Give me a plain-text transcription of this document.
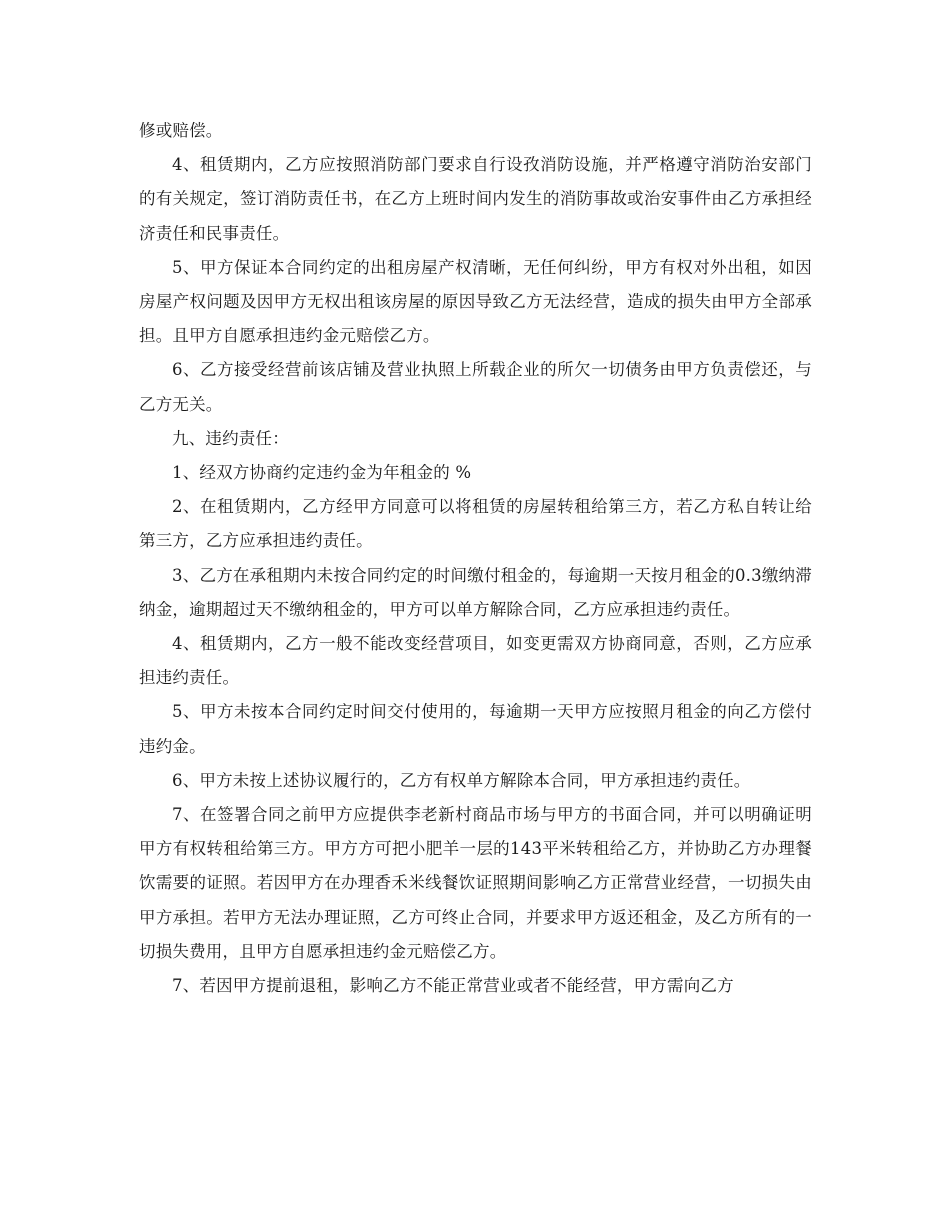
修或赔偿。

4、租赁期内，乙方应按照消防部门要求自行设孜消防设施，并严格遵守消防治安部门的有关规定，签订消防责任书，在乙方上班时间内发生的消防事故或治安事件由乙方承担经济责任和民事责任。

5、甲方保证本合同约定的出租房屋产权清晰，无任何纠纷，甲方有权对外出租，如因房屋产权问题及因甲方无权出租该房屋的原因导致乙方无法经营，造成的损失由甲方全部承担。且甲方自愿承担违约金元赔偿乙方。

6、乙方接受经营前该店铺及营业执照上所载企业的所欠一切债务由甲方负责偿还，与乙方无关。

九、违约责任：

1、经双方协商约定违约金为年租金的 %

2、在租赁期内，乙方经甲方同意可以将租赁的房屋转租给第三方，若乙方私自转让给第三方，乙方应承担违约责任。

3、乙方在承租期内未按合同约定的时间缴付租金的，每逾期一天按月租金的0.3缴纳滞纳金，逾期超过天不缴纳租金的，甲方可以单方解除合同，乙方应承担违约责任。

4、租赁期内，乙方一般不能改变经营项目，如变更需双方协商同意，否则，乙方应承担违约责任。

5、甲方未按本合同约定时间交付使用的，每逾期一天甲方应按照月租金的向乙方偿付违约金。

6、甲方未按上述协议履行的，乙方有权单方解除本合同，甲方承担违约责任。

7、在签署合同之前甲方应提供李老新村商品市场与甲方的书面合同，并可以明确证明甲方有权转租给第三方。甲方方可把小肥羊一层的143平米转租给乙方，并协助乙方办理餐饮需要的证照。若因甲方在办理香禾米线餐饮证照期间影响乙方正常营业经营，一切损失由甲方承担。若甲方无法办理证照，乙方可终止合同，并要求甲方返还租金，及乙方所有的一切损失费用，且甲方自愿承担违约金元赔偿乙方。

7、若因甲方提前退租，影响乙方不能正常营业或者不能经营，甲方需向乙方
